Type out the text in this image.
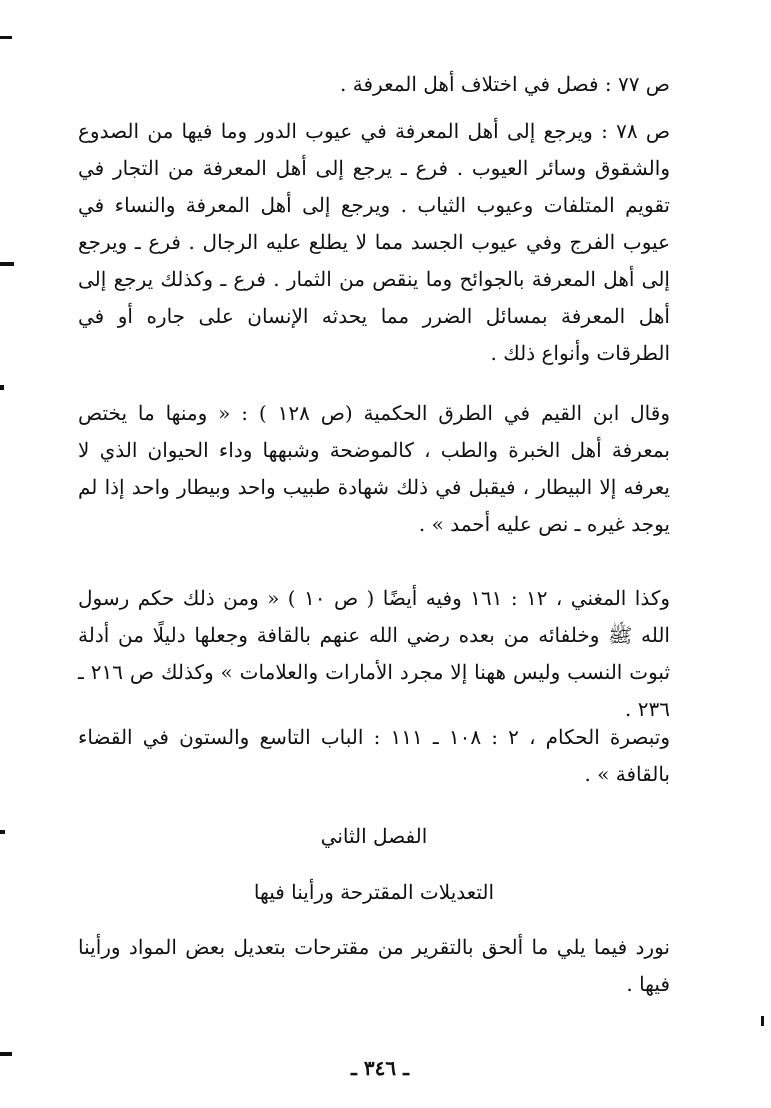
ص ٧٧ : فصل في اختلاف أهل المعرفة .

ص ٧٨ : ويرجع إلى أهل المعرفة في عيوب الدور وما فيها من الصدوع والشقوق وسائر العيوب . فرع ـ يرجع إلى أهل المعرفة من التجار في تقويم المتلفات وعيوب الثياب . ويرجع إلى أهل المعرفة والنساء في عيوب الفرج وفي عيوب الجسد مما لا يطلع عليه الرجال . فرع ـ ويرجع إلى أهل المعرفة بالجوائح وما ينقص من الثمار . فرع ـ وكذلك يرجع إلى أهل المعرفة بمسائل الضرر مما يحدثه الإنسان على جاره أو في الطرقات وأنواع ذلك .

وقال ابن القيم في الطرق الحكمية (ص ١٢٨ ) : « ومنها ما يختص بمعرفة أهل الخبرة والطب ، كالموضحة وشبهها وداء الحيوان الذي لا يعرفه إلا البيطار ، فيقبل في ذلك شهادة طبيب واحد وبيطار واحد إذا لم يوجد غيره ـ نص عليه أحمد » .

وكذا المغني ، ١٢ : ١٦١ وفيه أيضًا ( ص ١٠ ) « ومن ذلك حكم رسول الله ﷺ وخلفائه من بعده رضي الله عنهم بالقافة وجعلها دليلًا من أدلة ثبوت النسب وليس ههنا إلا مجرد الأمارات والعلامات » وكذلك ص ٢١٦ ـ ٢٣٦ .

وتبصرة الحكام ، ٢ : ١٠٨ ـ ١١١ : الباب التاسع والستون في القضاء بالقافة » .

الفصل الثاني
التعديلات المقترحة ورأينا فيها

نورد فيما يلي ما ألحق بالتقرير من مقترحات بتعديل بعض المواد ورأينا فيها .

ـ ٣٤٦ ـ
